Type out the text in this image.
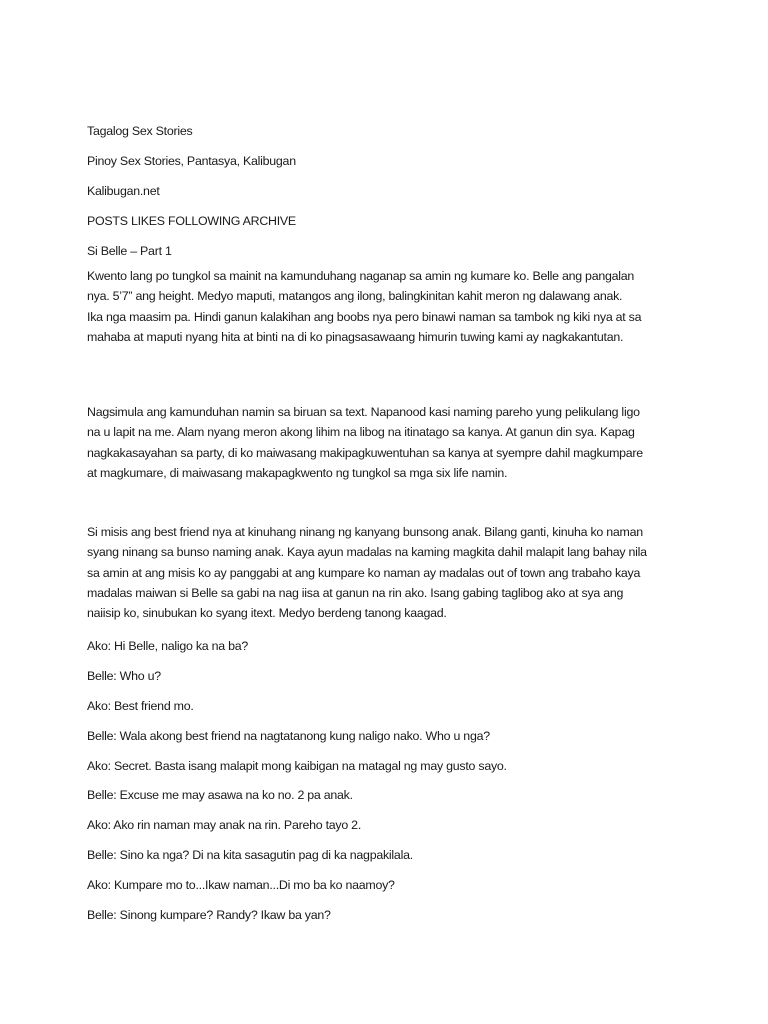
Tagalog Sex Stories
Pinoy Sex Stories, Pantasya, Kalibugan
Kalibugan.net
POSTS LIKES FOLLOWING ARCHIVE
Si Belle – Part 1
Kwento lang po tungkol sa mainit na kamunduhang naganap sa amin ng kumare ko. Belle ang pangalan
nya. 5’7” ang height. Medyo maputi, matangos ang ilong, balingkinitan kahit meron ng dalawang anak.
Ika nga maasim pa. Hindi ganun kalakihan ang boobs nya pero binawi naman sa tambok ng kiki nya at sa
mahaba at maputi nyang hita at binti na di ko pinagsasawaang himurin tuwing kami ay nagkakantutan.
Nagsimula ang kamunduhan namin sa biruan sa text. Napanood kasi naming pareho yung pelikulang ligo
na u lapit na me. Alam nyang meron akong lihim na libog na itinatago sa kanya. At ganun din sya. Kapag
nagkakasayahan sa party, di ko maiwasang makipagkuwentuhan sa kanya at syempre dahil magkumpare
at magkumare, di maiwasang makapagkwento ng tungkol sa mga six life namin.
Si misis ang best friend nya at kinuhang ninang ng kanyang bunsong anak. Bilang ganti, kinuha ko naman
syang ninang sa bunso naming anak. Kaya ayun madalas na kaming magkita dahil malapit lang bahay nila
sa amin at ang misis ko ay panggabi at ang kumpare ko naman ay madalas out of town ang trabaho kaya
madalas maiwan si Belle sa gabi na nag iisa at ganun na rin ako. Isang gabing taglibog ako at sya ang
naiisip ko, sinubukan ko syang itext. Medyo berdeng tanong kaagad.
Ako: Hi Belle, naligo ka na ba?
Belle: Who u?
Ako: Best friend mo.
Belle: Wala akong best friend na nagtatanong kung naligo nako. Who u nga?
Ako: Secret. Basta isang malapit mong kaibigan na matagal ng may gusto sayo.
Belle: Excuse me may asawa na ko no. 2 pa anak.
Ako: Ako rin naman may anak na rin. Pareho tayo 2.
Belle: Sino ka nga? Di na kita sasagutin pag di ka nagpakilala.
Ako: Kumpare mo to...Ikaw naman...Di mo ba ko naamoy?
Belle: Sinong kumpare? Randy? Ikaw ba yan?
